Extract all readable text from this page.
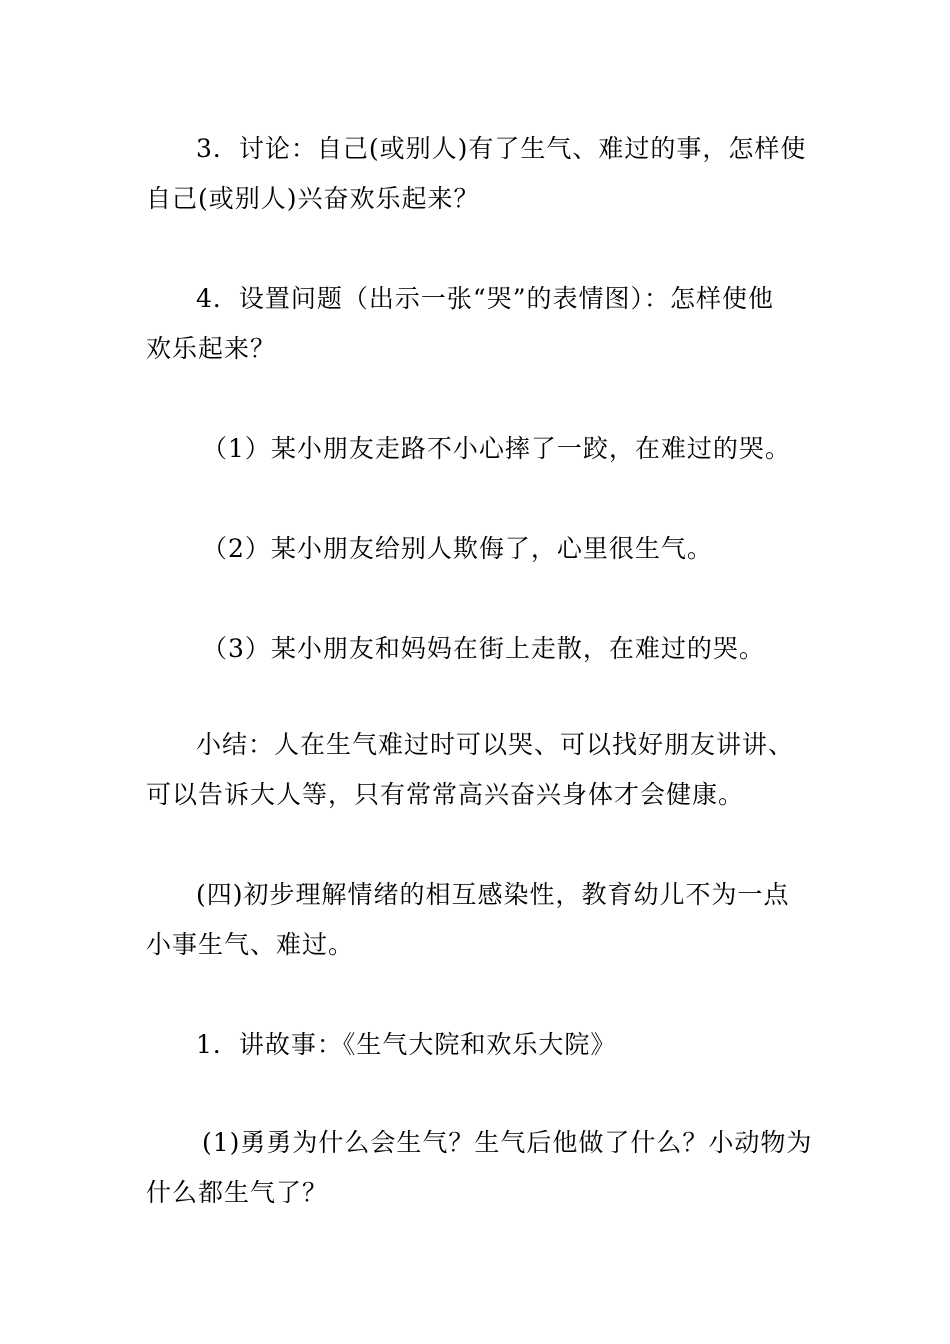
3．讨论：自己(或别人)有了生气、难过的事，怎样使
自己(或别人)兴奋欢乐起来？
4．设置问题（出示一张“哭”的表情图）：怎样使他
欢乐起来？
（1）某小朋友走路不小心摔了一跤，在难过的哭。
（2）某小朋友给别人欺侮了，心里很生气。
（3）某小朋友和妈妈在街上走散，在难过的哭。
小结：人在生气难过时可以哭、可以找好朋友讲讲、
可以告诉大人等，只有常常高兴奋兴身体才会健康。
(四)初步理解情绪的相互感染性，教育幼儿不为一点
小事生气、难过。
1．讲故事：《生气大院和欢乐大院》
(1)勇勇为什么会生气？生气后他做了什么？小动物为
什么都生气了？
